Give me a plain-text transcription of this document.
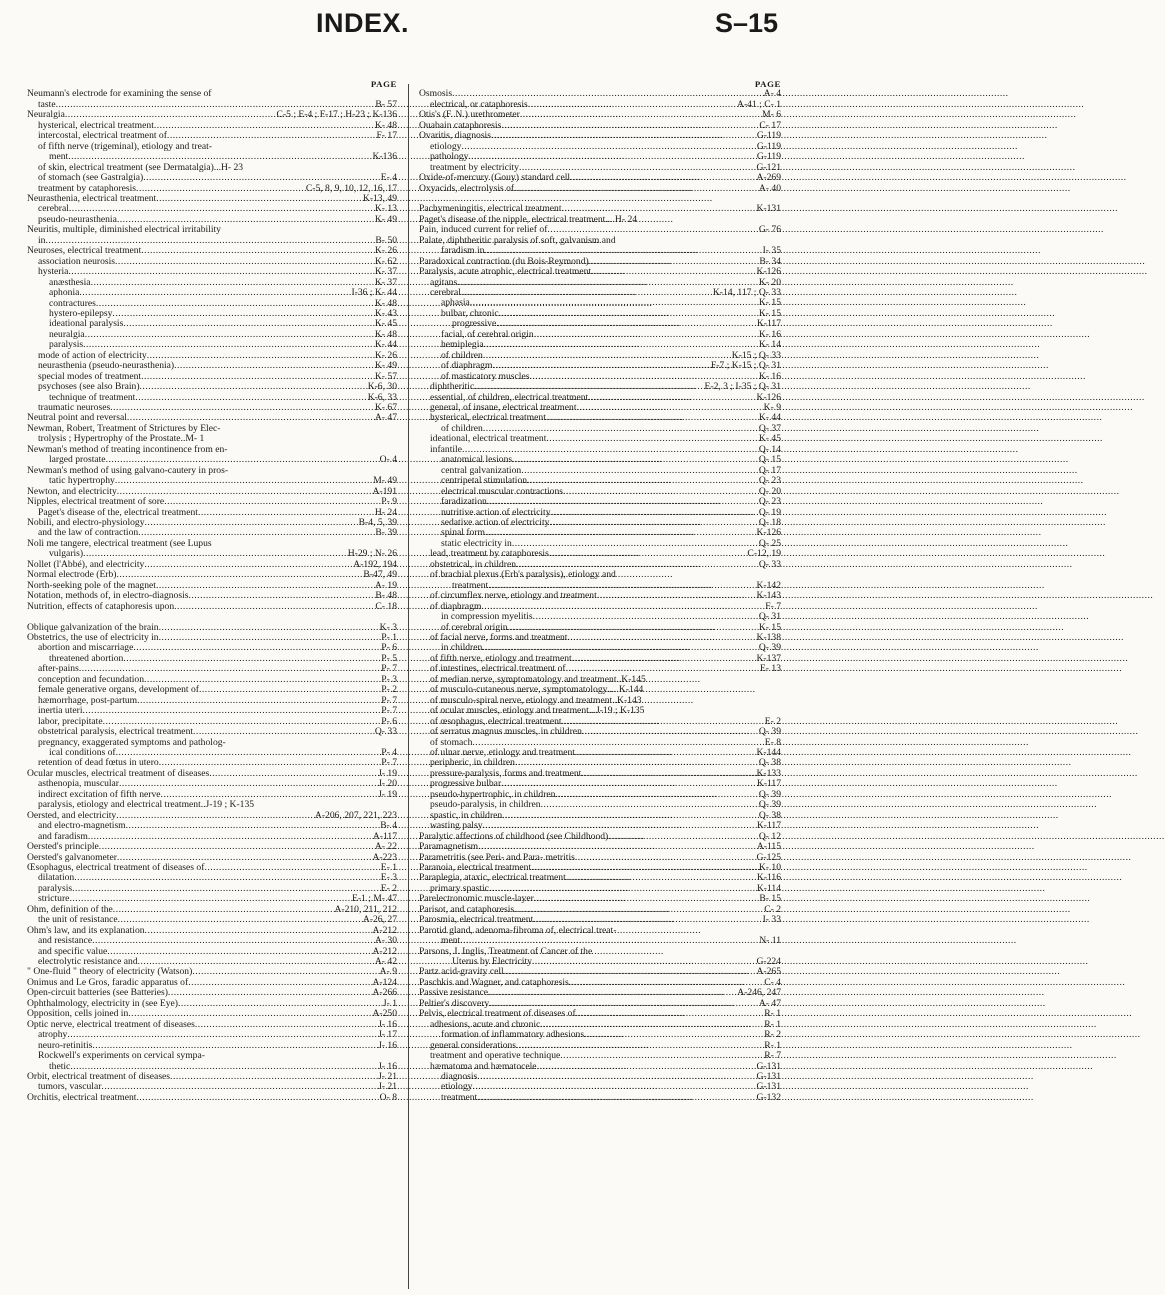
INDEX.	S–15
PAGE
Neumann's electrode for examining the sense of
taste .....	B- 57
Neuralgia .....	C-5 ; E-4 ; F-17 ; H-23 ; K-136
hysterical, electrical treatment .....	K- 48
intercostal, electrical treatment of .....	F- 17
of fifth nerve (trigeminal), etiology and treat-
ment .....	K-136
of skin, electrical treatment (see Dermatalgia)...H- 23
of stomach (see Gastralgia) .....	E- 4
treatment by cataphoresis .....	C-5, 8, 9, 10, 12, 16, 17
Neurasthenia, electrical treatment .....	K-13, 49
cerebral .....	K- 13
pseudo-neurasthenia .....	K- 49
Neuritis, multiple, diminished electrical irritability
in .....	B- 50
Neuroses, electrical treatment .....	K- 26
association neurosis .....	K- 62
hysteria .....	K- 37
anæsthesia .....	K- 37
aphonia .....	I-36 ; K- 44
contractures .....	K- 48
hystero-epilepsy .....	K- 43
ideational paralysis .....	K- 45
neuralgia .....	K- 48
paralysis .....	K- 44
mode of action of electricity .....	K- 26
neurasthenia (pseudo-neurasthenia) .....	K- 49
special modes of treatment .....	K- 57
psychoses (see also Brain) .....	K-6, 30
technique of treatment .....	K-6, 33
traumatic neuroses .....	K- 67
Neutral point and reversal .....	A- 47
Newman, Robert, Treatment of Strictures by Elec-
trolysis ; Hypertrophy of the Prostate..M- 1
Newman's method of treating incontinence from en-
larged prostate .....	O- 4
Newman's method of using galvano-cautery in pros-
tatic hypertrophy .....	M- 49
Newton, and electricity .....	A-191
Nipples, electrical treatment of sore .....	P- 9
Paget's disease of the, electrical treatment .....	H- 24
Nobili, and electro-physiology .....	B-4, 5, 39
and the law of contraction .....	B- 39
Noli me tangere, electrical treatment (see Lupus
vulgaris) .....	H-29 ; N- 26
Nollet (l'Abbé), and electricity .....	A-192, 194
Normal electrode (Erb) .....	B-47, 49
North-seeking pole of the magnet .....	A- 19
Notation, methods of, in electro-diagnosis .....	B- 48
Nutrition, effects of cataphoresis upon .....	C- 18
Oblique galvanization of the brain .....	K- 3
Obstetrics, the use of electricity in .....	P- 1
abortion and miscarriage .....	P- 6
threatened abortion .....	P- 5
after-pains .....	P- 7
conception and fecundation .....	P- 3
female generative organs, development of .....	P- 2
hæmorrhage, post-partum .....	P- 7
inertia uteri .....	P- 7
labor, precipitate .....	P- 6
obstetrical paralysis, electrical treatment .....	Q- 33
pregnancy, exaggerated symptoms and patholog-
ical conditions of .....	P- 4
retention of dead fœtus in utero .....	P- 7
Ocular muscles, electrical treatment of diseases .....	J- 19
asthenopia, muscular .....	J- 20
indirect excitation of fifth nerve .....	J- 19
paralysis, etiology and electrical treatment..J-19 ; K-135
Oersted, and electricity .....	A-206, 207, 221, 223
and electro-magnetism .....	B- 4
and faradism .....	A-117
Oersted's principle .....	A- 22
Oersted's galvanometer .....	A-223
Œsophagus, electrical treatment of diseases of .....	E- 1
dilatation .....	E- 3
paralysis .....	E- 2
stricture .....	E-1 ; M- 47
Ohm, definition of the .....	A-210, 211, 212
the unit of resistance .....	A-26, 27
Ohm's law, and its explanation .....	A-212
and resistance .....	A- 30
and specific value .....	A-212
electrolytic resistance and .....	A- 42
" One-fluid " theory of electricity (Watson) .....	A- 9
Onimus and Le Gros, faradic apparatus of .....	A-124
Open-circuit batteries (see Batteries) .....	A-266
Ophthalmology, electricity in (see Eye) .....	J- 1
Opposition, cells joined in .....	A-250
Optic nerve, electrical treatment of diseases .....	J- 16
atrophy .....	J- 17
neuro-retinitis .....	J- 16
Rockwell's experiments on cervical sympa-
thetic .....	J- 16
Orbit, electrical treatment of diseases .....	J- 21
tumors, vascular .....	J- 21
Orchitis, electrical treatment .....	O- 8
PAGE
Osmosis .....	A- 4
electrical, or cataphoresis .....	A-41 ; C- 1
Otis's (F. N.) urethrometer .....	M- 6
Ouabain cataphoresis .....	C- 17
Ovaritis, diagnosis .....	G-119
etiology .....	G-119
pathology .....	G-119
treatment by electricity .....	G-121
Oxide-of-mercury (Gouy) standard cell .....	A-269
Oxyacids, electrolysis of .....	A- 40
Pachymeningitis, electrical treatment .....	K-131
Paget's disease of the nipple, electrical treatment....H- 24
Pain, induced current for relief of .....	G- 76
Palate, diphtheritic paralysis of soft, galvanism and
faradism in .....	I- 35
Paradoxical contraction (du Bois-Reymond) .....	B- 34
Paralysis, acute atrophic, electrical treatment .....	K-126
agitans .....	K- 20
cerebral .....	K-14, 117 ; Q- 33
aphasia .....	K- 15
bulbar, chronic .....	K- 15
progressive .....	K-117
facial, of cerebral origin .....	K- 16
hemiplegia .....	K- 14
of children .....	K-15 ; Q- 33
of diaphragm .....	F-7 ; K-15 ; Q- 31
of masticatory muscles .....	K- 16
diphtheritic .....	E-2, 3 ; I-35 ; Q- 31
essential, of children, electrical treatment .....	K-126
general, of insane, electrical treatment .....	K- 9
hysterical, electrical treatment .....	K- 44
of children .....	Q- 37
ideational, electrical treatment .....	K- 45
infantile .....	Q- 14
anatomical lesions .....	Q- 15
central galvanization .....	Q- 17
centripetal stimulation .....	Q- 23
electrical muscular contractions .....	Q- 20
faradization .....	Q- 23
nutritive action of electricity .....	Q- 19
sedative action of electricity .....	Q- 18
spinal form .....	K-126
static electricity in .....	Q- 25
lead, treatment by cataphoresis .....	C-12, 19
obstetrical, in children .....	Q- 33
of brachial plexus (Erb's paralysis), etiology and
treatment .....	K-142
of circumflex nerve, etiology and treatment .....	K-143
of diaphragm .....	F- 7
in compression myelitis .....	Q- 31
of cerebral origin .....	K- 15
of facial nerve, forms and treatment .....	K-138
in children .....	Q- 39
of fifth nerve, etiology and treatment .....	K-137
of intestines, electrical treatment of .....	E- 13
of median nerve, symptomatology and treatment..K-145
of musculo-cutaneous nerve, symptomatology.....K-144
of musculo-spiral nerve, etiology and treatment..K-143
of ocular muscles, etiology and treatment...J-19 ; K-135
of œsophagus, electrical treatment .....	E- 2
of serratus magnus muscles, in children .....	Q- 39
of stomach .....	E- 8
of ulnar nerve, etiology and treatment .....	K-144
peripheric, in children .....	Q- 38
pressure-paralysis, forms and treatment .....	K-133
progressive bulbar .....	K-117
pseudo-hypertrophic, in children .....	Q- 39
pseudo-paralysis, in children .....	Q- 39
spastic, in children .....	Q- 38
wasting palsy .....	K-117
Paralytic affections of childhood (see Childhood) .....	Q- 12
Paramagnetism .....	A-115
Parametritis (see Peri- and Para- metritis .....	G-125
Paranoia, electrical treatment .....	K- 10
Paraplegia, ataxic, electrical treatment .....	K-116
primary spastic .....	K-114
Parelectronomic muscle-layer .....	B- 15
Parisot, and cataphoresis .....	C- 2
Parosmia, electrical treatment .....	I- 33
Parotid gland, adenoma-fibroma of, electrical treat-
ment .....	N- 11
Parsons, J. Inglis, Treatment of Cancer of the
Uterus by Electricity .....	G-224
Partz acid-gravity cell .....	A-265
Paschkis and Wagner, and cataphoresis .....	C- 4
Passive resistance .....	A-246, 247
Peltier's discovery .....	A- 47
Pelvis, electrical treatment of diseases of .....	R- 1
adhesions, acute and chronic .....	R- 1
formation of inflammatory adhesions .....	R- 2
general considerations .....	R- 1
treatment and operative technique .....	R- 7
hæmatoma and hæmatocele .....	G-131
diagnosis .....	G-131
etiology .....	G-131
treatment .....	G-132
